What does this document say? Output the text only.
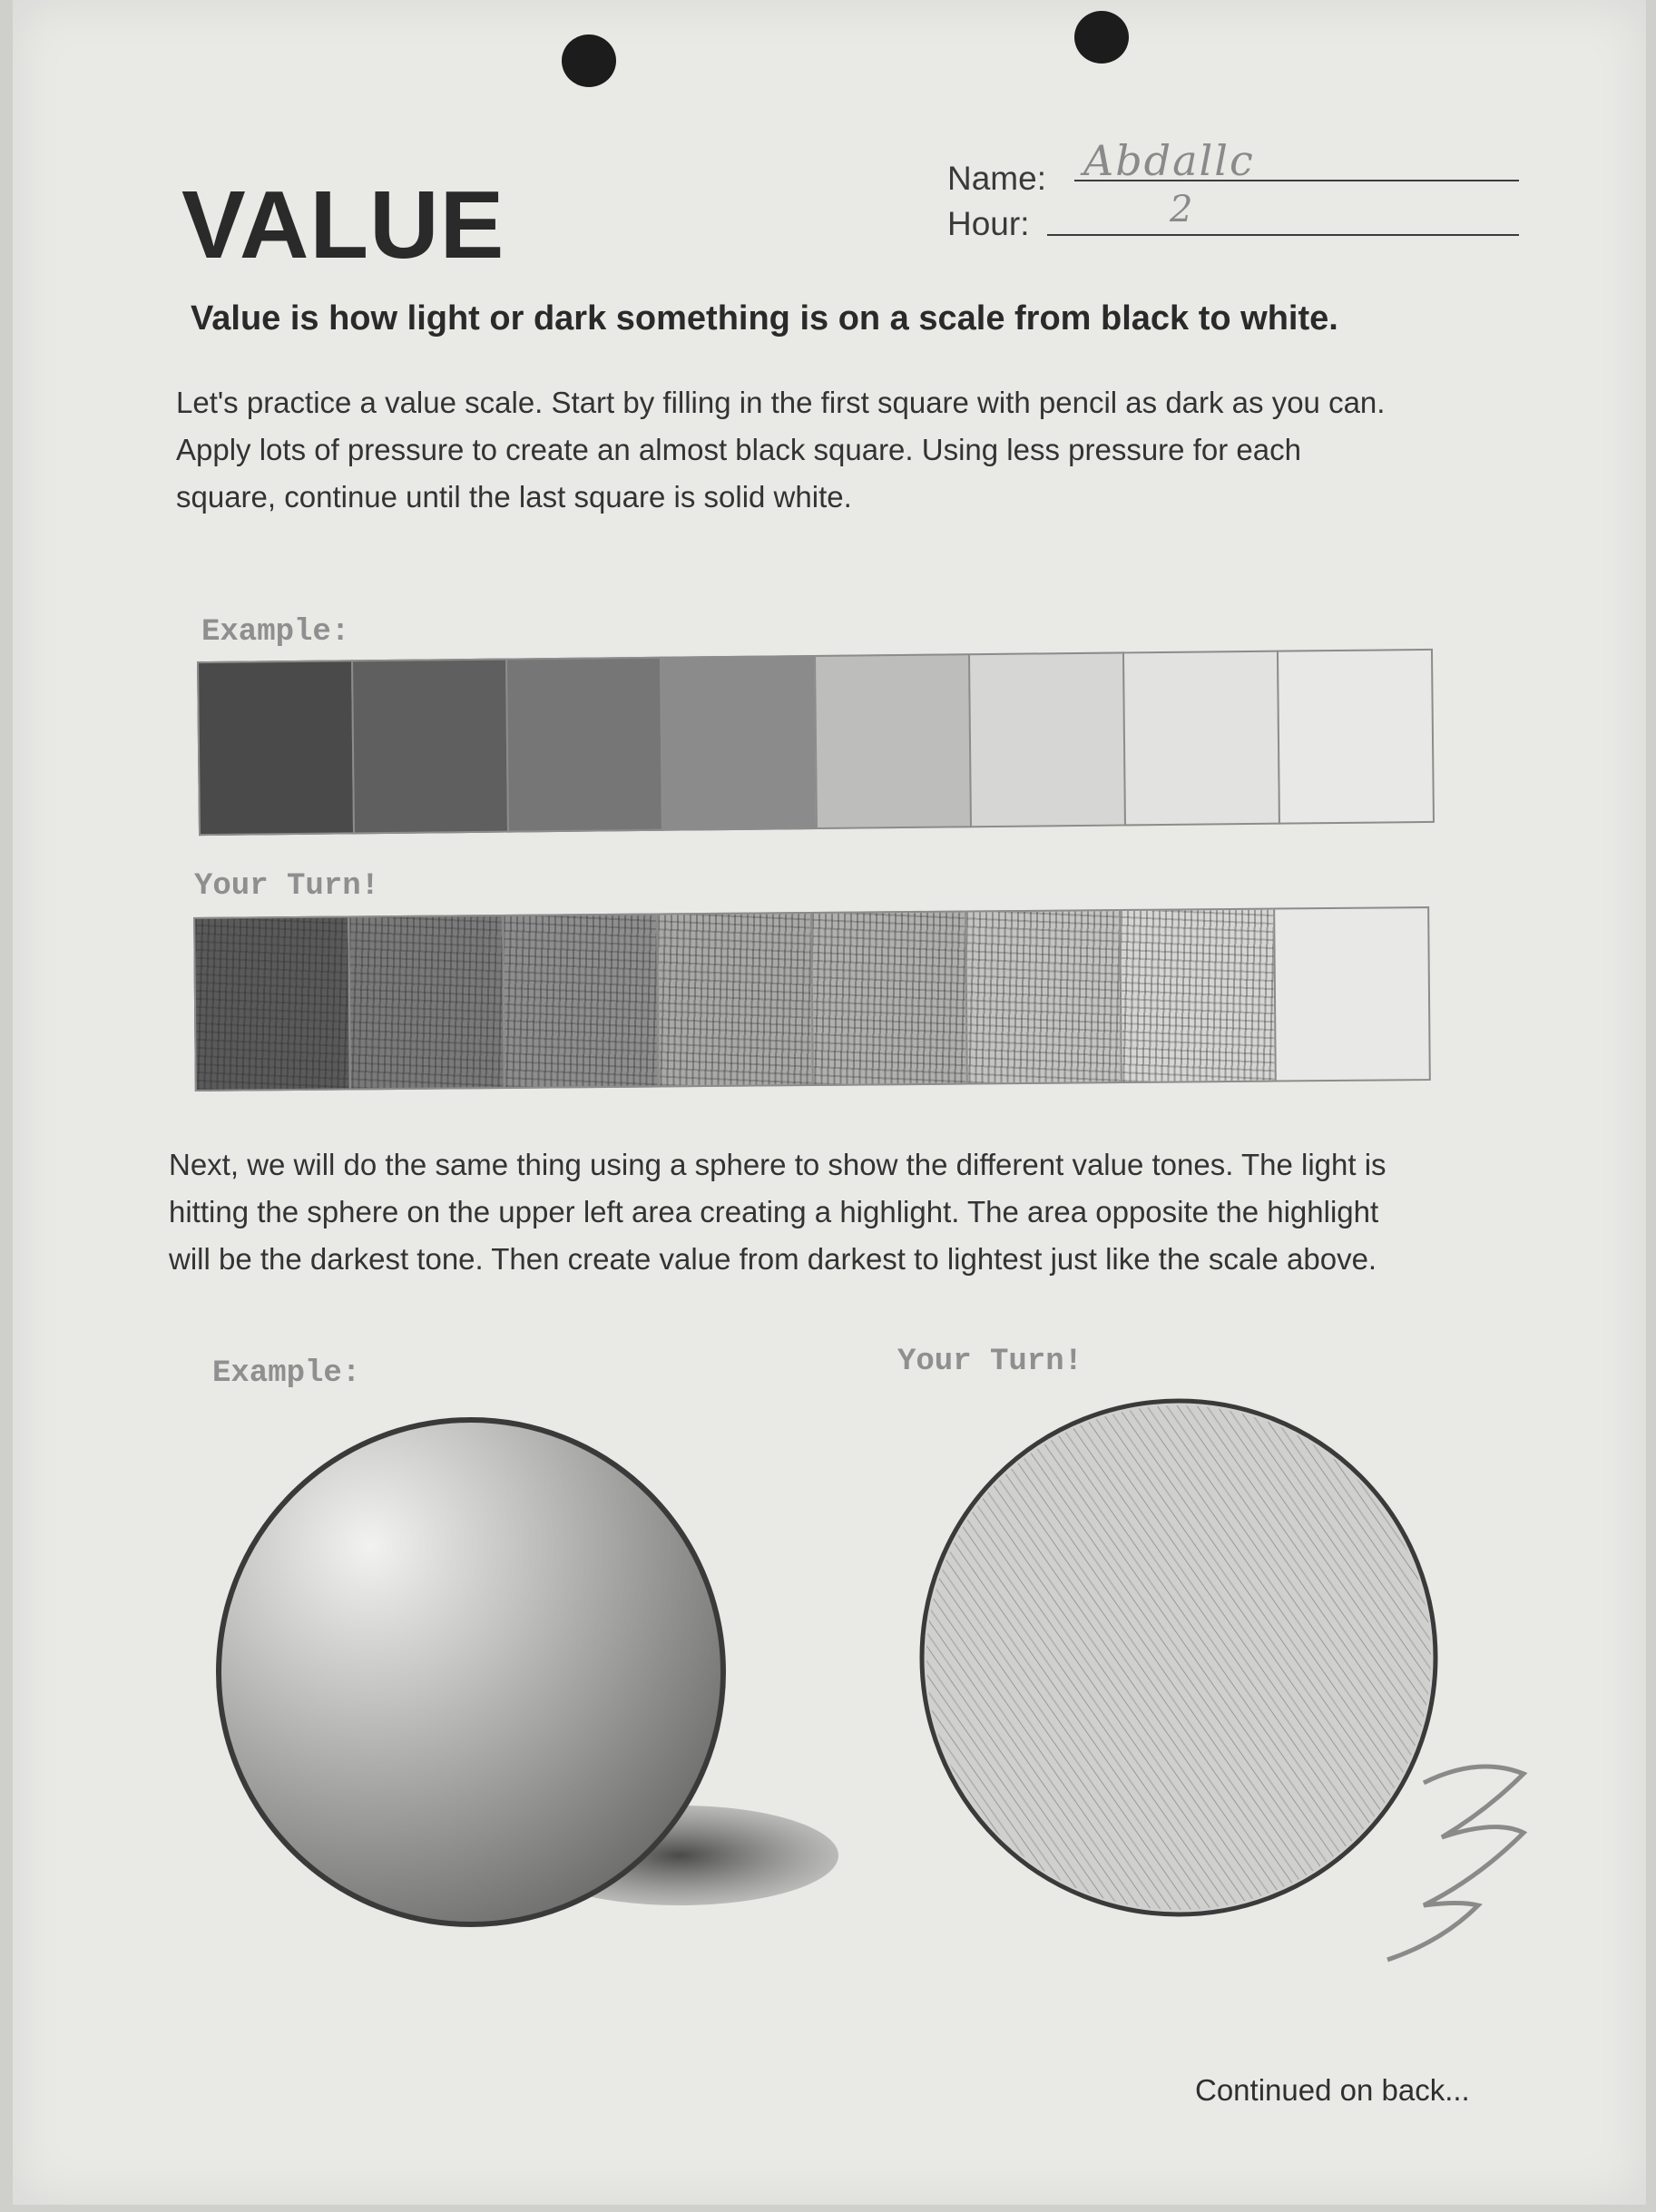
VALUE	Name: Abdallc
Hour:	2
Value is how light or dark something is on a scale from black to white.
Let's practice a value scale. Start by filling in the first square with pencil as dark as you can.
Apply lots of pressure to create an almost black square. Using less pressure for each
square, continue until the last square is solid white.
Example:
Your Turn!
Next, we will do the same thing using a sphere to show the different value tones. The light is
hitting the sphere on the upper left area creating a highlight. The area opposite the highlight
will be the darkest tone. Then create value from darkest to lightest just like the scale above.
Example:	Your Turn!
Continued on back...
